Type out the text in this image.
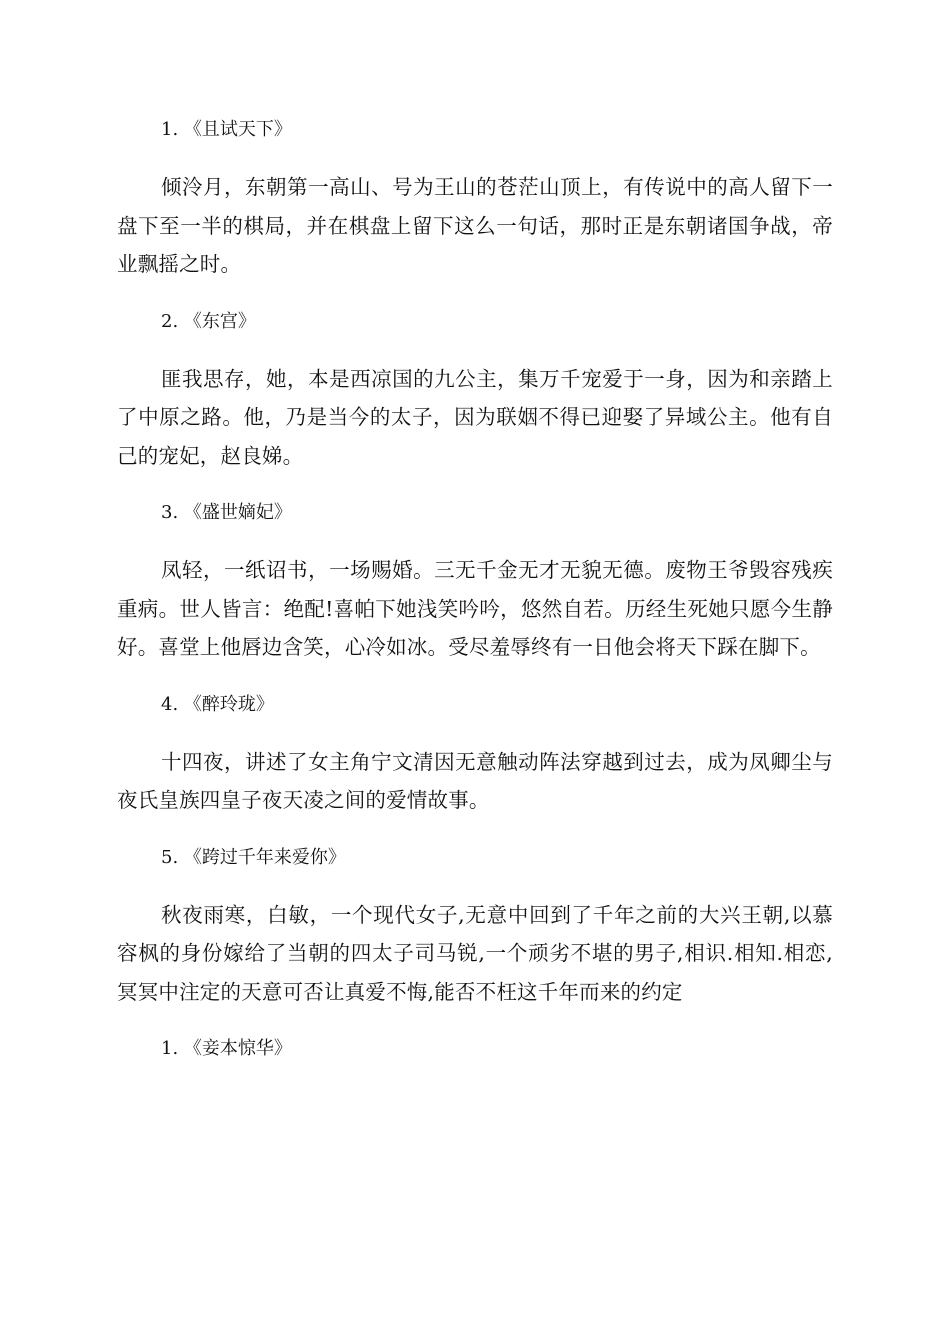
1. 《且试天下》
倾泠月，东朝第一高山、号为王山的苍茫山顶上，有传说中的高人留下一盘下至一半的棋局，并在棋盘上留下这么一句话，那时正是东朝诸国争战，帝业飘摇之时。
2. 《东宫》
匪我思存，她，本是西凉国的九公主，集万千宠爱于一身，因为和亲踏上了中原之路。他，乃是当今的太子，因为联姻不得已迎娶了异域公主。他有自己的宠妃，赵良娣。
3. 《盛世嫡妃》
凤轻，一纸诏书，一场赐婚。三无千金无才无貌无德。废物王爷毁容残疾重病。世人皆言：绝配!喜帕下她浅笑吟吟，悠然自若。历经生死她只愿今生静好。喜堂上他唇边含笑，心冷如冰。受尽羞辱终有一日他会将天下踩在脚下。
4. 《醉玲珑》
十四夜，讲述了女主角宁文清因无意触动阵法穿越到过去，成为凤卿尘与夜氏皇族四皇子夜天凌之间的爱情故事。
5. 《跨过千年来爱你》
秋夜雨寒，白敏，一个现代女子,无意中回到了千年之前的大兴王朝,以慕容枫的身份嫁给了当朝的四太子司马锐,一个顽劣不堪的男子,相识.相知.相恋,冥冥中注定的天意可否让真爱不悔,能否不枉这千年而来的约定
1. 《妾本惊华》
